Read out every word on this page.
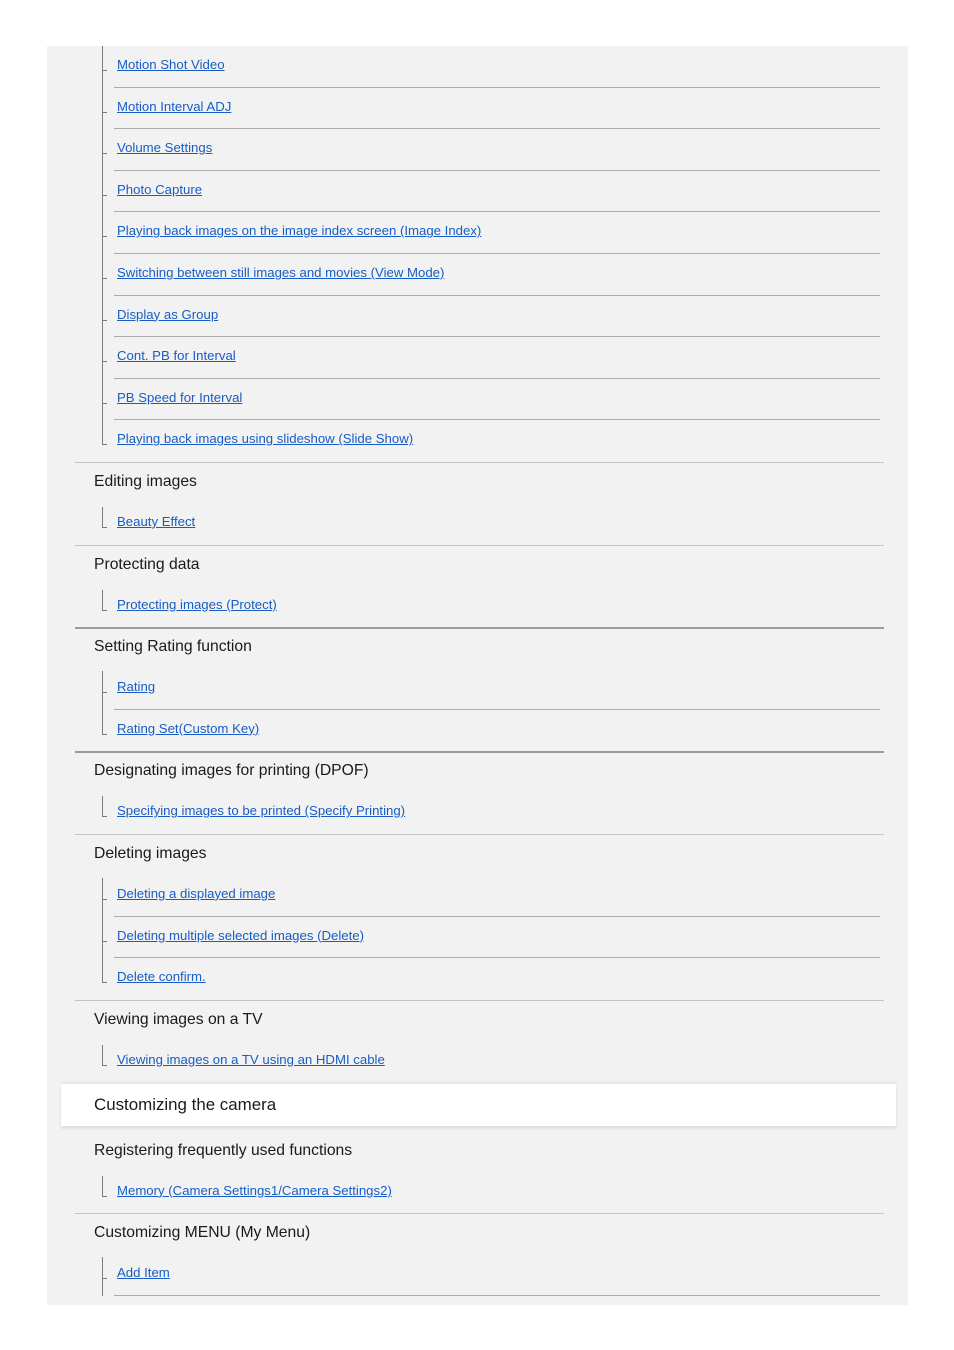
Motion Shot Video
Motion Interval ADJ
Volume Settings
Photo Capture
Playing back images on the image index screen (Image Index)
Switching between still images and movies (View Mode)
Display as Group
Cont. PB for Interval
PB Speed for Interval
Playing back images using slideshow (Slide Show)
Editing images
Beauty Effect
Protecting data
Protecting images (Protect)
Setting Rating function
Rating
Rating Set(Custom Key)
Designating images for printing (DPOF)
Specifying images to be printed (Specify Printing)
Deleting images
Deleting a displayed image
Deleting multiple selected images (Delete)
Delete confirm.
Viewing images on a TV
Viewing images on a TV using an HDMI cable
Customizing the camera
Registering frequently used functions
Memory (Camera Settings1/Camera Settings2)
Customizing MENU (My Menu)
Add Item
